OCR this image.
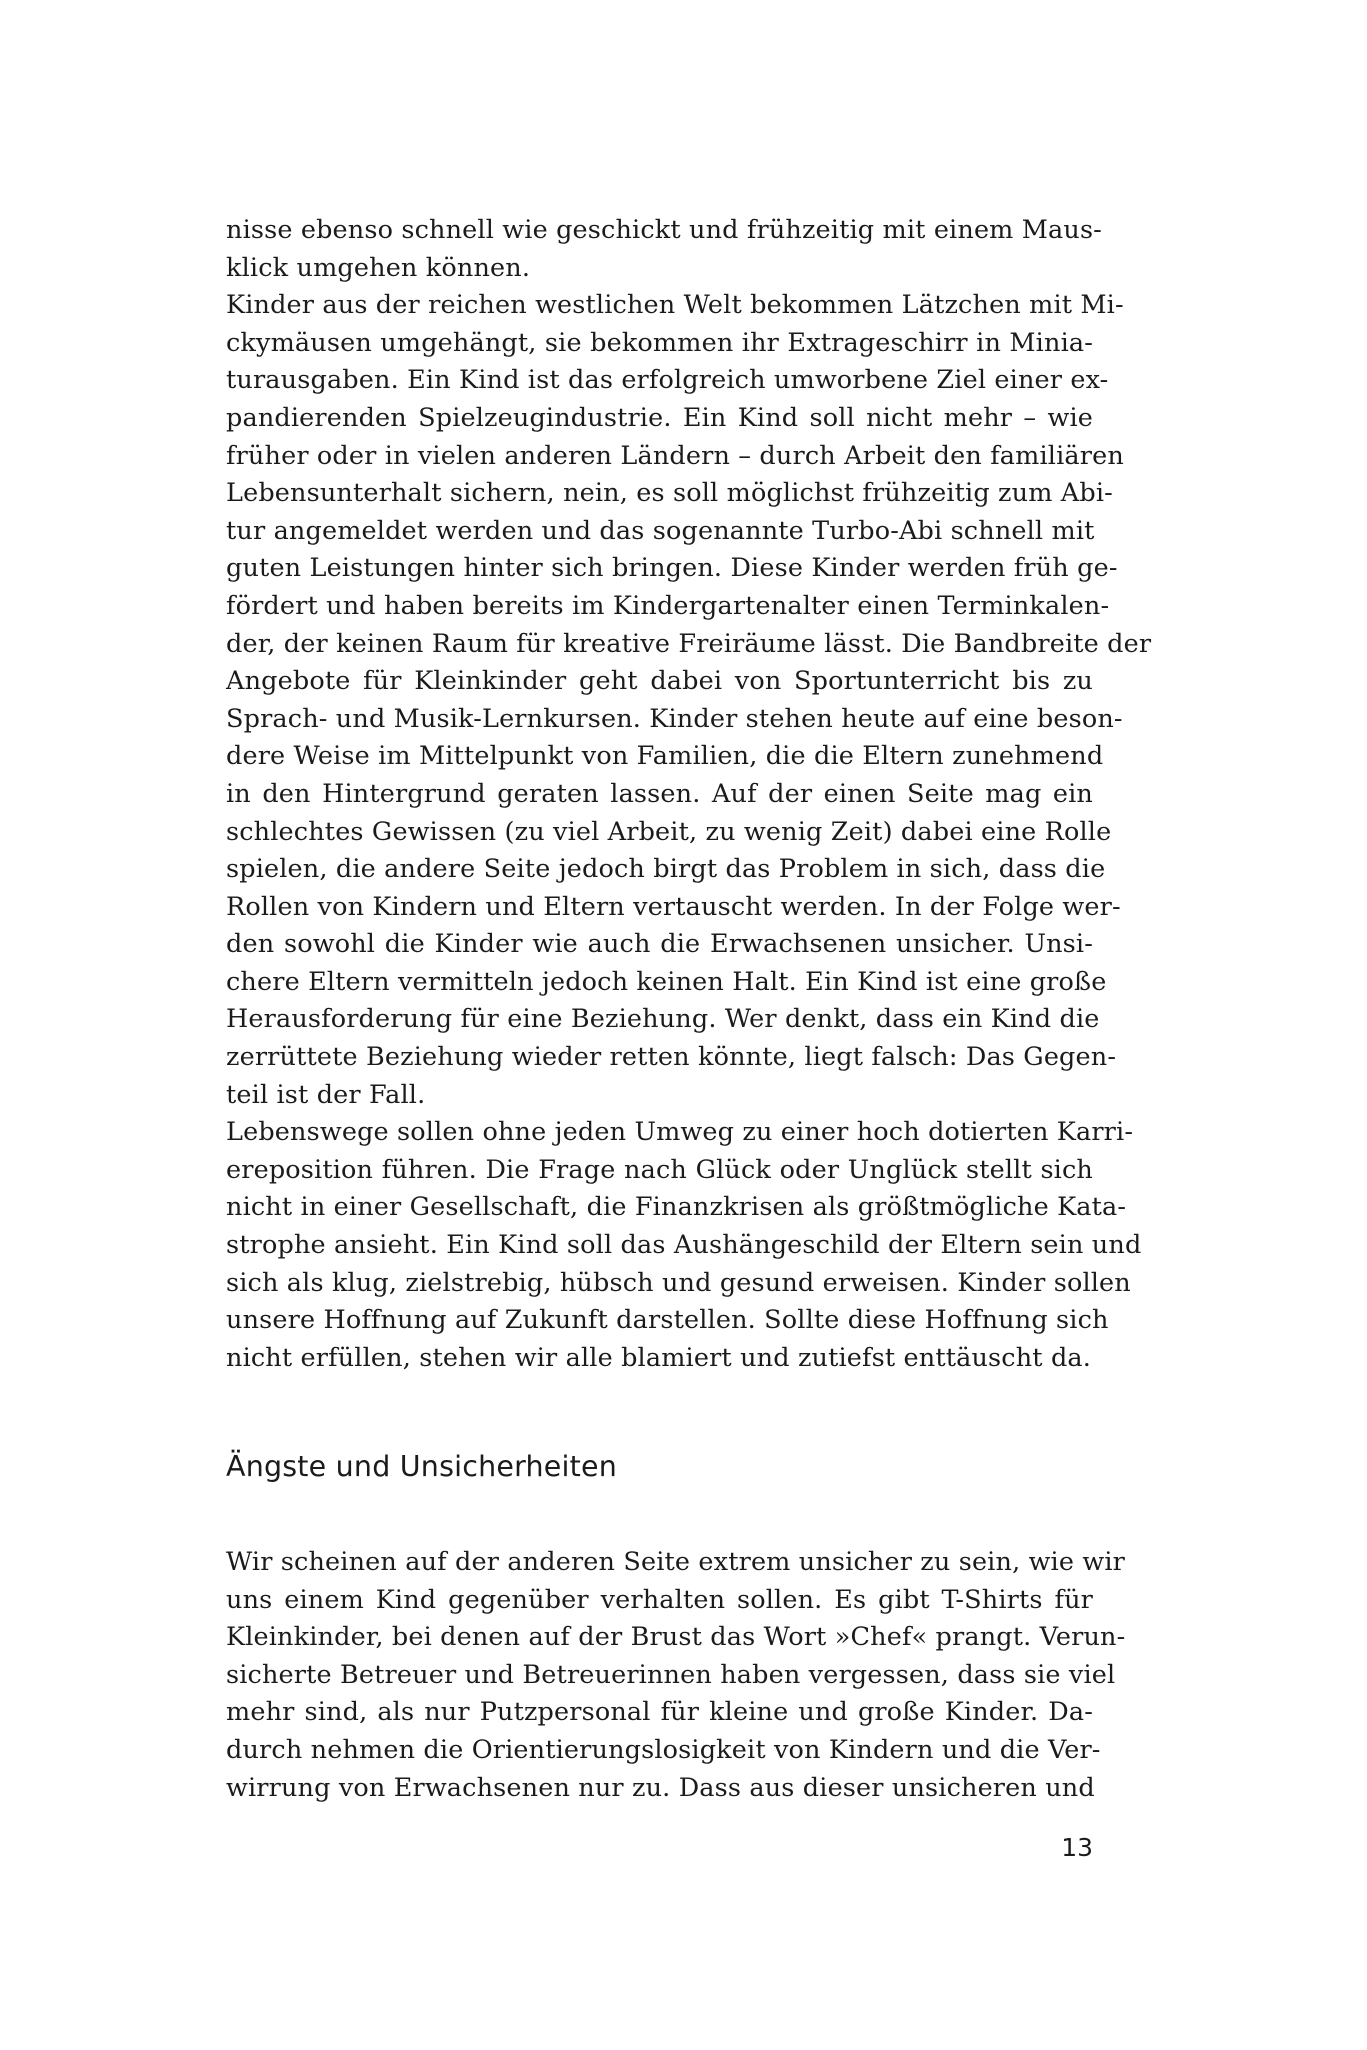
nisse ebenso schnell wie geschickt und frühzeitig mit einem Maus-
klick umgehen können.
Kinder aus der reichen westlichen Welt bekommen Lätzchen mit Mi-
ckymäusen umgehängt, sie bekommen ihr Extrageschirr in Minia-
turausgaben. Ein Kind ist das erfolgreich umworbene Ziel einer ex-
pandierenden Spielzeugindustrie. Ein Kind soll nicht mehr – wie
früher oder in vielen anderen Ländern – durch Arbeit den familiären
Lebensunterhalt sichern, nein, es soll möglichst frühzeitig zum Abi-
tur angemeldet werden und das sogenannte Turbo-Abi schnell mit
guten Leistungen hinter sich bringen. Diese Kinder werden früh ge-
fördert und haben bereits im Kindergartenalter einen Terminkalen-
der, der keinen Raum für kreative Freiräume lässt. Die Bandbreite der
Angebote für Kleinkinder geht dabei von Sportunterricht bis zu
Sprach- und Musik-Lernkursen. Kinder stehen heute auf eine beson-
dere Weise im Mittelpunkt von Familien, die die Eltern zunehmend
in den Hintergrund geraten lassen. Auf der einen Seite mag ein
schlechtes Gewissen (zu viel Arbeit, zu wenig Zeit) dabei eine Rolle
spielen, die andere Seite jedoch birgt das Problem in sich, dass die
Rollen von Kindern und Eltern vertauscht werden. In der Folge wer-
den sowohl die Kinder wie auch die Erwachsenen unsicher. Unsi-
chere Eltern vermitteln jedoch keinen Halt. Ein Kind ist eine große
Herausforderung für eine Beziehung. Wer denkt, dass ein Kind die
zerrüttete Beziehung wieder retten könnte, liegt falsch: Das Gegen-
teil ist der Fall.
Lebenswege sollen ohne jeden Umweg zu einer hoch dotierten Karri-
ereposition führen. Die Frage nach Glück oder Unglück stellt sich
nicht in einer Gesellschaft, die Finanzkrisen als größtmögliche Kata-
strophe ansieht. Ein Kind soll das Aushängeschild der Eltern sein und
sich als klug, zielstrebig, hübsch und gesund erweisen. Kinder sollen
unsere Hoffnung auf Zukunft darstellen. Sollte diese Hoffnung sich
nicht erfüllen, stehen wir alle blamiert und zutiefst enttäuscht da.
Ängste und Unsicherheiten
Wir scheinen auf der anderen Seite extrem unsicher zu sein, wie wir
uns einem Kind gegenüber verhalten sollen. Es gibt T-Shirts für
Kleinkinder, bei denen auf der Brust das Wort »Chef« prangt. Verun-
sicherte Betreuer und Betreuerinnen haben vergessen, dass sie viel
mehr sind, als nur Putzpersonal für kleine und große Kinder. Da-
durch nehmen die Orientierungslosigkeit von Kindern und die Ver-
wirrung von Erwachsenen nur zu. Dass aus dieser unsicheren und
13
